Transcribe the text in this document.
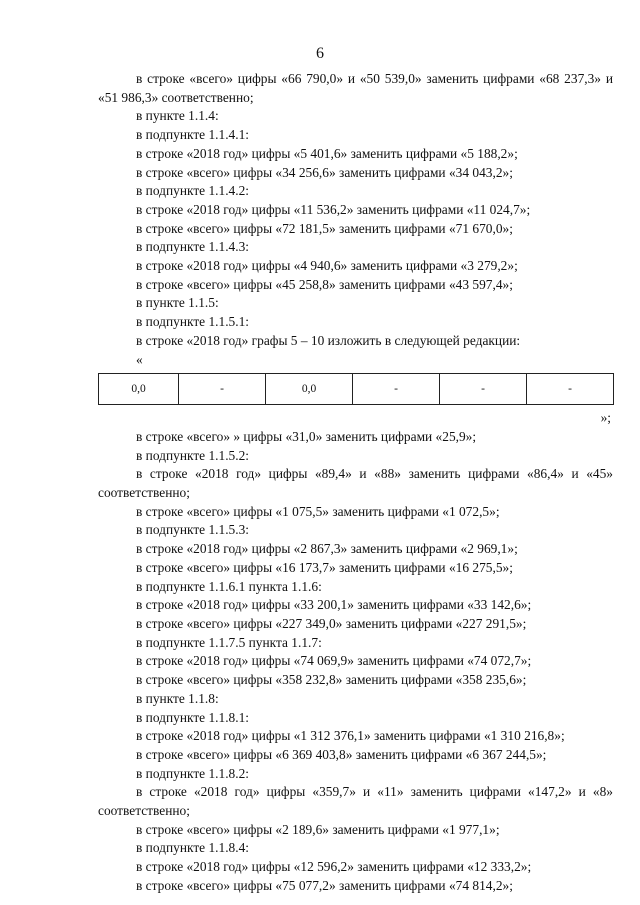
6

в строке «всего» цифры «66 790,0» и «50 539,0» заменить цифрами «68 237,3» и «51 986,3» соответственно;

в пункте 1.1.4:

в подпункте 1.1.4.1:

в строке «2018 год» цифры «5 401,6» заменить цифрами «5 188,2»;

в строке «всего» цифры «34 256,6» заменить цифрами «34 043,2»;

в подпункте 1.1.4.2:

в строке «2018 год» цифры «11 536,2» заменить цифрами «11 024,7»;

в строке «всего» цифры «72 181,5» заменить цифрами «71 670,0»;

в подпункте 1.1.4.3:

в строке «2018 год» цифры «4 940,6» заменить цифрами «3 279,2»;

в строке «всего» цифры «45 258,8» заменить цифрами «43 597,4»;

в пункте 1.1.5:

в подпункте 1.1.5.1:

в строке «2018 год» графы 5 – 10 изложить в следующей редакции:

«

0,0	-	0,0	-	-	-

»;

в строке «всего» » цифры «31,0» заменить цифрами «25,9»;

в подпункте 1.1.5.2:

в строке «2018 год» цифры «89,4» и «88» заменить цифрами «86,4» и «45» соответственно;

в строке «всего» цифры «1 075,5» заменить цифрами «1 072,5»;

в подпункте 1.1.5.3:

в строке «2018 год» цифры «2 867,3» заменить цифрами «2 969,1»;

в строке «всего» цифры «16 173,7» заменить цифрами «16 275,5»;

в подпункте 1.1.6.1 пункта 1.1.6:

в строке «2018 год» цифры «33 200,1» заменить цифрами «33 142,6»;

в строке «всего» цифры «227 349,0» заменить цифрами «227 291,5»;

в подпункте 1.1.7.5 пункта 1.1.7:

в строке «2018 год» цифры «74 069,9» заменить цифрами «74 072,7»;

в строке «всего» цифры «358 232,8» заменить цифрами «358 235,6»;

в пункте 1.1.8:

в подпункте 1.1.8.1:

в строке «2018 год» цифры «1 312 376,1» заменить цифрами «1 310 216,8»;

в строке «всего» цифры «6 369 403,8» заменить цифрами «6 367 244,5»;

в подпункте 1.1.8.2:

в строке «2018 год» цифры «359,7» и «11» заменить цифрами «147,2» и «8» соответственно;

в строке «всего» цифры «2 189,6» заменить цифрами «1 977,1»;

в подпункте 1.1.8.4:

в строке «2018 год» цифры «12 596,2» заменить цифрами «12 333,2»;

в строке «всего» цифры «75 077,2» заменить цифрами «74 814,2»;
